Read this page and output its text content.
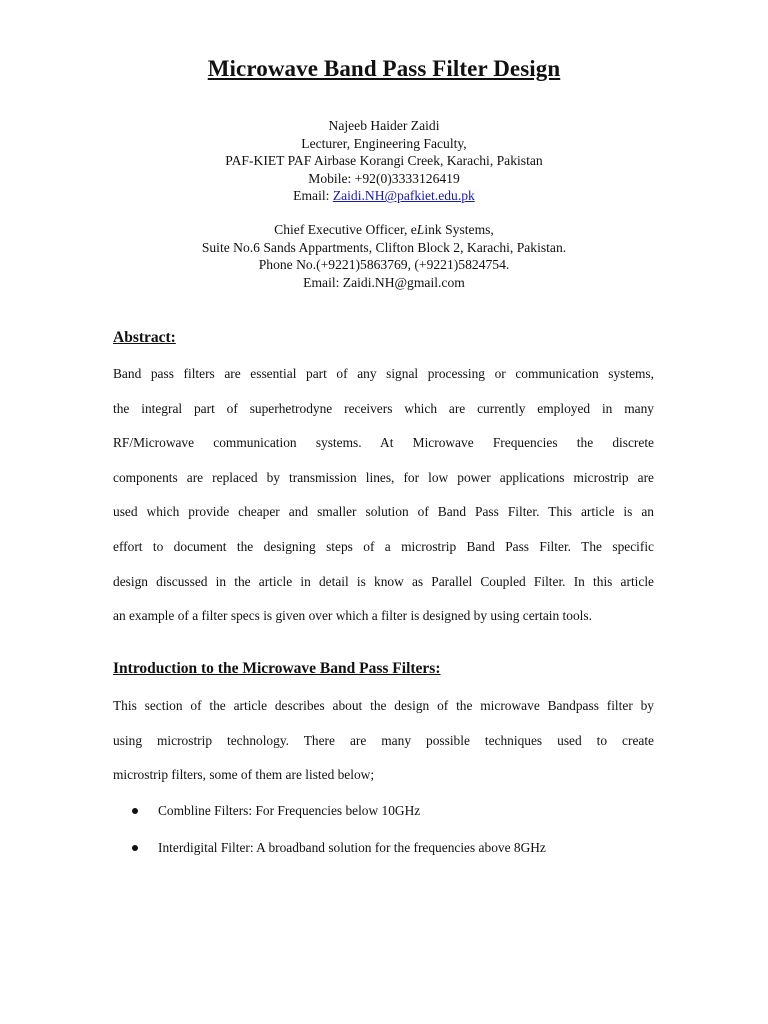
Microwave Band Pass Filter Design
Najeeb Haider Zaidi
Lecturer, Engineering Faculty,
PAF-KIET PAF Airbase Korangi Creek, Karachi, Pakistan
Mobile: +92(0)3333126419
Email: Zaidi.NH@pafkiet.edu.pk
Chief Executive Officer, eLink Systems,
Suite No.6 Sands Appartments, Clifton Block 2, Karachi, Pakistan.
Phone No.(+9221)5863769, (+9221)5824754.
Email: Zaidi.NH@gmail.com
Abstract:
Band pass filters are essential part of any signal processing or communication systems,
the integral part of superhetrodyne receivers which are currently employed in many
RF/Microwave communication systems. At Microwave Frequencies the discrete
components are replaced by transmission lines, for low power applications microstrip are
used which provide cheaper and smaller solution of Band Pass Filter. This article is an
effort to document the designing steps of a microstrip Band Pass Filter. The specific
design discussed in the article in detail is know as Parallel Coupled Filter. In this article
an example of a filter specs is given over which a filter is designed by using certain tools.
Introduction to the Microwave Band Pass Filters:
This section of the article describes about the design of the microwave Bandpass filter by
using microstrip technology. There are many possible techniques used to create
microstrip filters, some of them are listed below;
Combline Filters: For Frequencies below 10GHz
Interdigital Filter: A broadband solution for the frequencies above 8GHz
